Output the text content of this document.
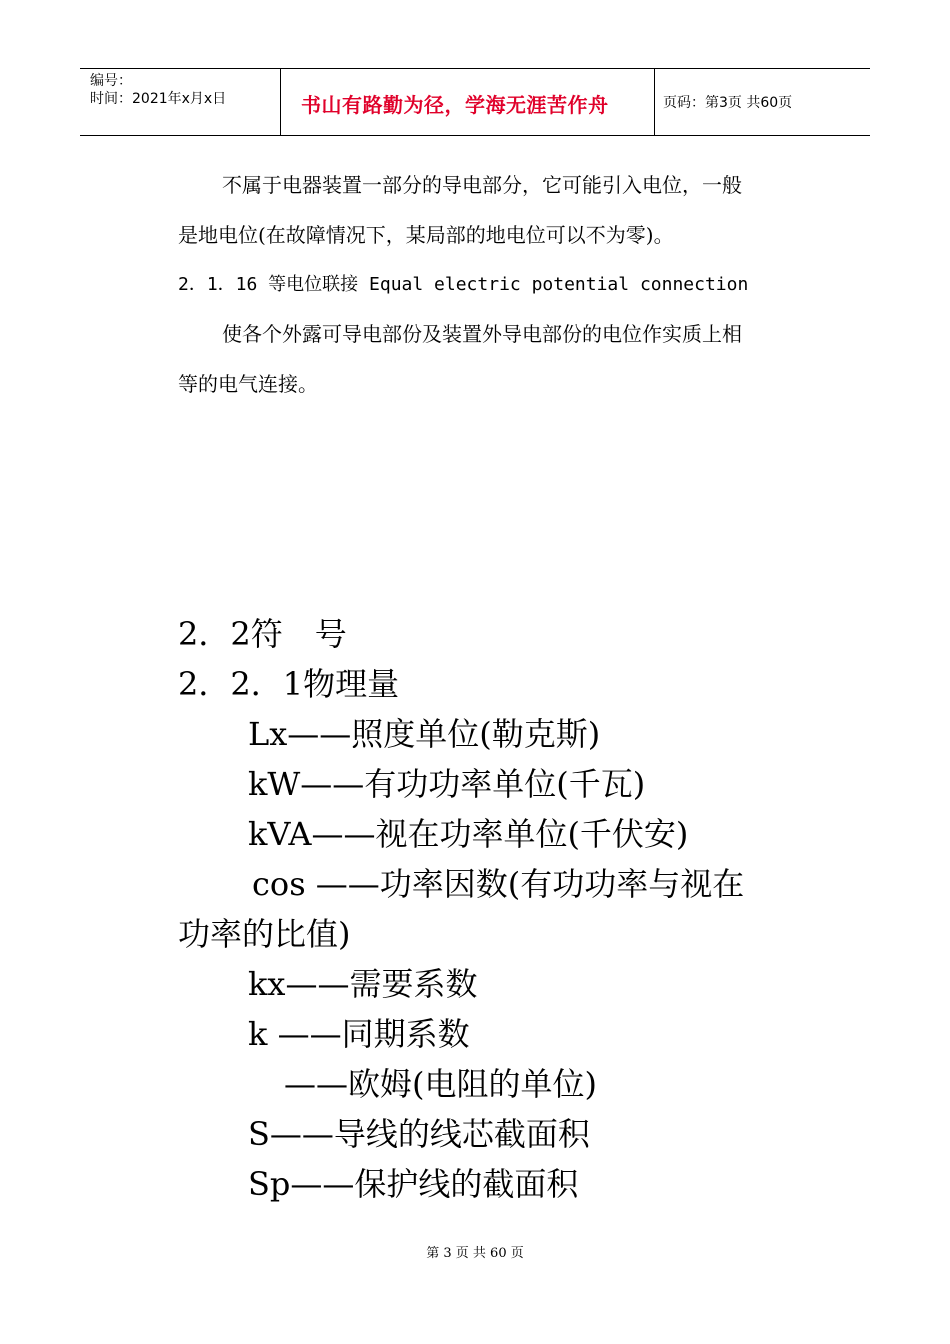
编号：
时间：2021年x月x日	书山有路勤为径，学海无涯苦作舟	页码：第3页 共60页
不属于电器装置一部分的导电部分，它可能引入电位，一般
是地电位(在故障情况下，某局部的地电位可以不为零)。
2．1．16 等电位联接 Equal electric potential connection
使各个外露可导电部份及装置外导电部份的电位作实质上相
等的电气连接。
2．2符　号
2．2．1物理量
Lx——照度单位(勒克斯)
kW——有功功率单位(千瓦)
kVA——视在功率单位(千伏安)
cos ——功率因数(有功功率与视在
功率的比值)
kx——需要系数
k ——同期系数
——欧姆(电阻的单位)
S——导线的线芯截面积
Sp——保护线的截面积
第 3 页 共 60 页
